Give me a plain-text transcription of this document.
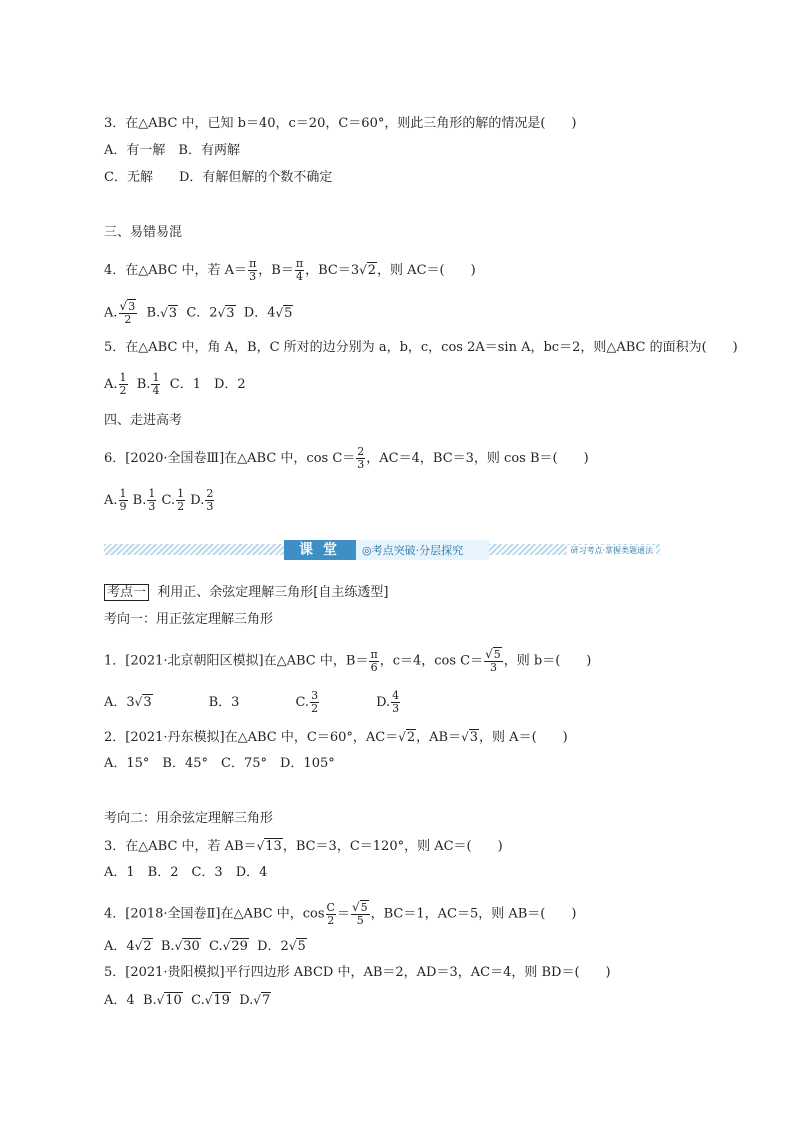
3．在△ABC 中，已知 b＝40，c＝20，C＝60°，则此三角形的解的情况是(　　)
A．有一解　B．有两解
C．无解　　D．有解但解的个数不确定
三、易错易混
4．在△ABC 中，若 $A= \frac{\pi}{3}$ ，$B= \frac{\pi}{4}$ ，BC＝3√2，则 AC＝(　　)
A. $\frac{√3}{2} B.√3$ C．2√3 D．4√5
5．在△ABC 中，角 A，B，C 所对的边分别为 a，b，c，cos 2A＝sin A，bc＝2，则△ABC 的面积为(　　)
A. $\frac{1}{2} B$. $\frac{1}{4}$ C．1　D．2
四、走进高考
6．[2020·全国卷Ⅲ]在△ABC 中，$\cos C= \frac{2}{3}$ ，AC＝4，BC＝3，则 cos B＝(　　)
A. $\frac{1}{9} B$. $\frac{1}{3} C$. $\frac{1}{2} D$. $\frac{2}{3}$
课堂	◎考点突破·分层探究	研习考点·掌握类题通法
考点一 利用正、余弦定理解三角形[自主练透型]
考向一：用正弦定理解三角形
1．[2021·北京朝阳区模拟]在△ABC 中，$B= \frac{\pi}{6}$ ，c＝4，$\cos C= \frac{√5}{3}$ ，则 b＝(　　)
A．3√3	B．3	C. $\frac{3}{2}$	D. $\frac{4}{3}$
2．[2021·丹东模拟]在△ABC 中，C＝60°，AC＝√2，AB＝√3，则 A＝(　　)
A．15°　B．45°　C．75°　D．105°
考向二：用余弦定理解三角形
3．在△ABC 中，若 AB＝√13，BC＝3，C＝120°，则 AC＝(　　)
A．1　B．2　C．3　D．4
4．[2018·全国卷Ⅱ]在△ABC 中，$\cos \frac{C}{2} = \frac{√5}{5}$ ，BC＝1，AC＝5，则 AB＝(　　)
A．4√2 B.√30 C.√29 D．2√5
5．[2021·贵阳模拟]平行四边形 ABCD 中，AB＝2，AD＝3，AC＝4，则 BD＝(　　)
A．4 B.√10 C.√19 D.√7
